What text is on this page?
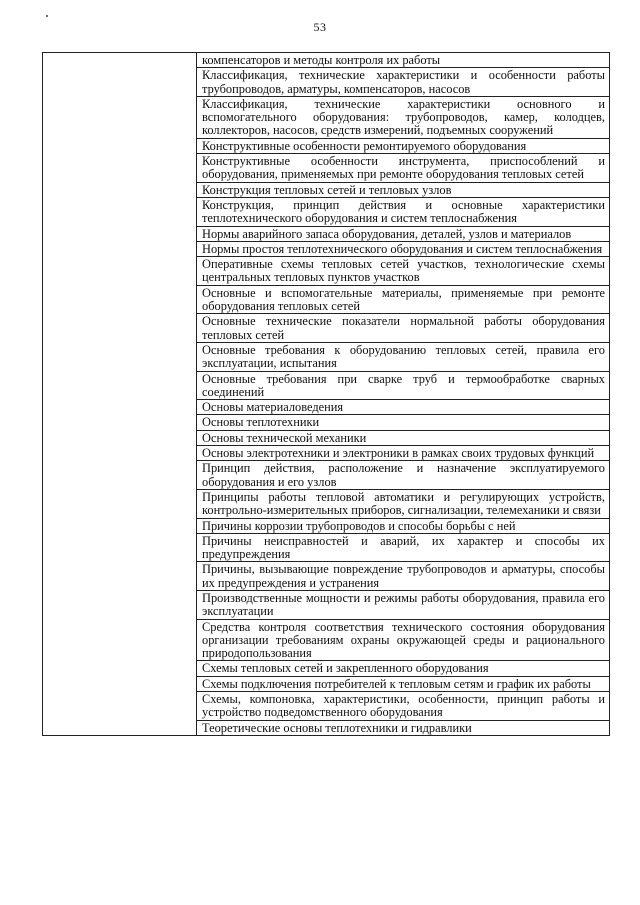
53

компенсаторов и методы контроля их работы

Классификация, технические характеристики и особенности работы трубопроводов, арматуры, компенсаторов, насосов

Классификация, технические характеристики основного и вспомогательного оборудования: трубопроводов, камер, колодцев, коллекторов, насосов, средств измерений, подъемных сооружений

Конструктивные особенности ремонтируемого оборудования

Конструктивные особенности инструмента, приспособлений и оборудования, применяемых при ремонте оборудования тепловых сетей

Конструкция тепловых сетей и тепловых узлов

Конструкция, принцип действия и основные характеристики теплотехнического оборудования и систем теплоснабжения

Нормы аварийного запаса оборудования, деталей, узлов и материалов

Нормы простоя теплотехнического оборудования и систем теплоснабжения

Оперативные схемы тепловых сетей участков, технологические схемы центральных тепловых пунктов участков

Основные и вспомогательные материалы, применяемые при ремонте оборудования тепловых сетей

Основные технические показатели нормальной работы оборудования тепловых сетей

Основные требования к оборудованию тепловых сетей, правила его эксплуатации, испытания

Основные требования при сварке труб и термообработке сварных соединений

Основы материаловедения

Основы теплотехники

Основы технической механики

Основы электротехники и электроники в рамках своих трудовых функций

Принцип действия, расположение и назначение эксплуатируемого оборудования и его узлов

Принципы работы тепловой автоматики и регулирующих устройств, контрольно-измерительных приборов, сигнализации, телемеханики и связи

Причины коррозии трубопроводов и способы борьбы с ней

Причины неисправностей и аварий, их характер и способы их предупреждения

Причины, вызывающие повреждение трубопроводов и арматуры, способы их предупреждения и устранения

Производственные мощности и режимы работы оборудования, правила его эксплуатации

Средства контроля соответствия технического состояния оборудования организации требованиям охраны окружающей среды и рационального природопользования

Схемы тепловых сетей и закрепленного оборудования

Схемы подключения потребителей к тепловым сетям и график их работы

Схемы, компоновка, характеристики, особенности, принцип работы и устройство подведомственного оборудования

Теоретические основы теплотехники и гидравлики
